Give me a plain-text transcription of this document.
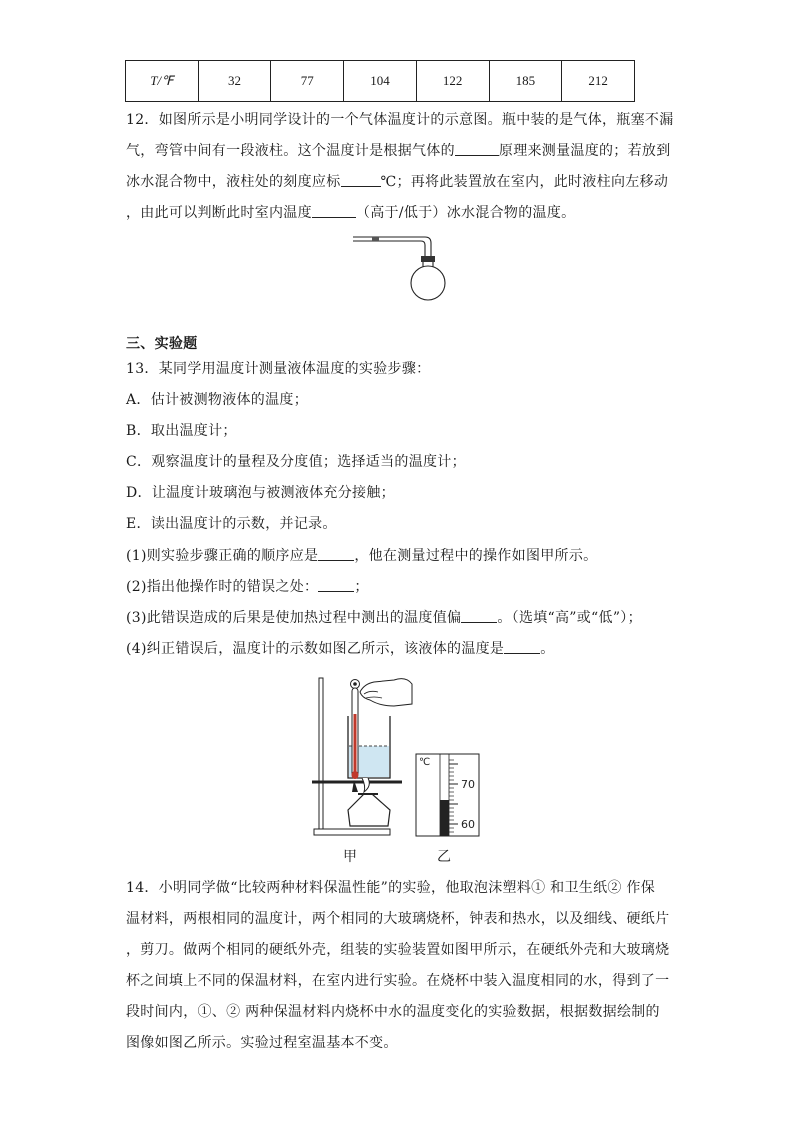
T/℉	32	77	104	122	185	212
12．如图所示是小明同学设计的一个气体温度计的示意图。瓶中装的是气体，瓶塞不漏
气，弯管中间有一段液柱。这个温度计是根据气体的	原理来测量温度的；若放到
冰水混合物中，液柱处的刻度应标	℃；再将此装置放在室内，此时液柱向左移动
，由此可以判断此时室内温度	（高于/低于）冰水混合物的温度。
三、实验题
13．某同学用温度计测量液体温度的实验步骤：
A．估计被测物液体的温度；
B．取出温度计；
C．观察温度计的量程及分度值；选择适当的温度计；
D．让温度计玻璃泡与被测液体充分接触；
E．读出温度计的示数，并记录。
(1)则实验步骤正确的顺序应是	，他在测量过程中的操作如图甲所示。
(2)指出他操作时的错误之处：	；
(3)此错误造成的后果是使加热过程中测出的温度值偏	。（选填“高”或“低”）；
(4)纠正错误后，温度计的示数如图乙所示，该液体的温度是	。
甲
℃
70
60
乙
14．小明同学做“比较两种材料保温性能”的实验，他取泡沫塑料① 和卫生纸② 作保
温材料，两根相同的温度计，两个相同的大玻璃烧杯，钟表和热水，以及细线、硬纸片
，剪刀。做两个相同的硬纸外壳，组装的实验装置如图甲所示，在硬纸外壳和大玻璃烧
杯之间填上不同的保温材料，在室内进行实验。在烧杯中装入温度相同的水，得到了一
段时间内，①、② 两种保温材料内烧杯中水的温度变化的实验数据，根据数据绘制的
图像如图乙所示。实验过程室温基本不变。
